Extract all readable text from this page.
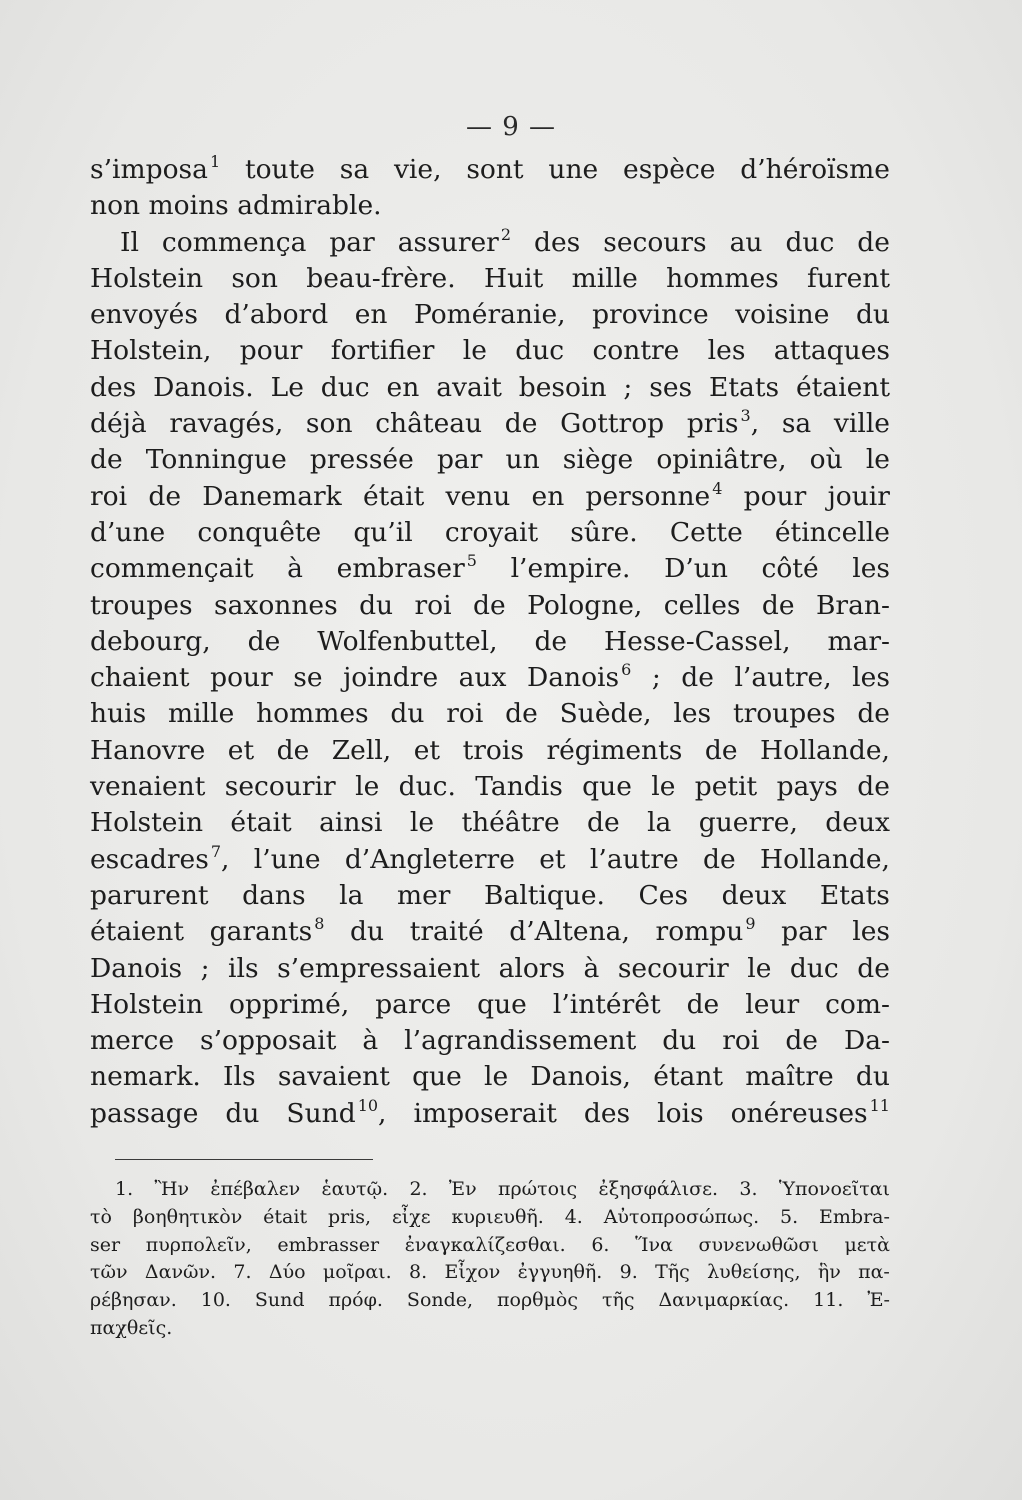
— 9 —
s’imposa $^1$ toute sa vie, sont une espèce d’héroïsme
non
moins
admirable.
Il commença par assurer $^2$ des secours au duc de
Holstein son beau-frère. Huit mille hommes furent
envoyés d’abord en Poméranie, province voisine du
Holstein, pour fortifier le duc contre les attaques
des Danois. Le duc en avait besoin ; ses Etats étaient
déjà ravagés, son château de Gottrop pris $^3$, sa ville
de Tonningue pressée par un siège opiniâtre, où le
roi de Danemark était venu en personne $^4$ pour jouir
d’une conquête qu’il croyait sûre. Cette étincelle
commençait à embraser $^5$ l’empire. D’un côté les
troupes saxonnes du roi de Pologne, celles de Bran-
debourg, de Wolfenbuttel, de Hesse-Cassel, mar-
chaient pour se joindre aux Danois $^6$ ; de l’autre, les
huis mille hommes du roi de Suède, les troupes de
Hanovre et de Zell, et trois régiments de Hollande,
venaient secourir le duc. Tandis que le petit pays de
Holstein était ainsi le théâtre de la guerre, deux
escadres $^7$, l’une d’Angleterre et l’autre de Hollande,
parurent dans la mer Baltique. Ces deux Etats
étaient garants $^8$ du traité d’Altena, rompu $^9$ par les
Danois ; ils s’empressaient alors à secourir le duc de
Holstein opprimé, parce que l’intérêt de leur com-
merce s’opposait à l’agrandissement du roi de Da-
nemark. Ils savaient que le Danois, étant maître du
passage du Sund $^{10}$, imposerait des lois onéreuses $^{11}$
1. Ἢν ἐπέβαλεν ἑαυτῷ. 2. Ἐν πρώτοις ἐξησφάλισε. 3. Ὑπονοεῖται
τὸ βοηθητικὸν était pris, εἶχε κυριευθῆ. 4. Αὐτοπροσώπως. 5. Embra-
ser πυρπολεῖν, embrasser ἐναγκαλίζεσθαι. 6. Ἵνα συνενωθῶσι μετὰ
τῶν Δανῶν. 7. Δύο μοῖραι. 8. Εἶχον ἐγγυηθῆ. 9. Τῆς λυθείσης, ἣν πα-
ρέβησαν. 10. Sund πρόφ. Sonde, πορθμὸς τῆς Δανιμαρκίας. 11. Ἐ-
παχθεῖς.
